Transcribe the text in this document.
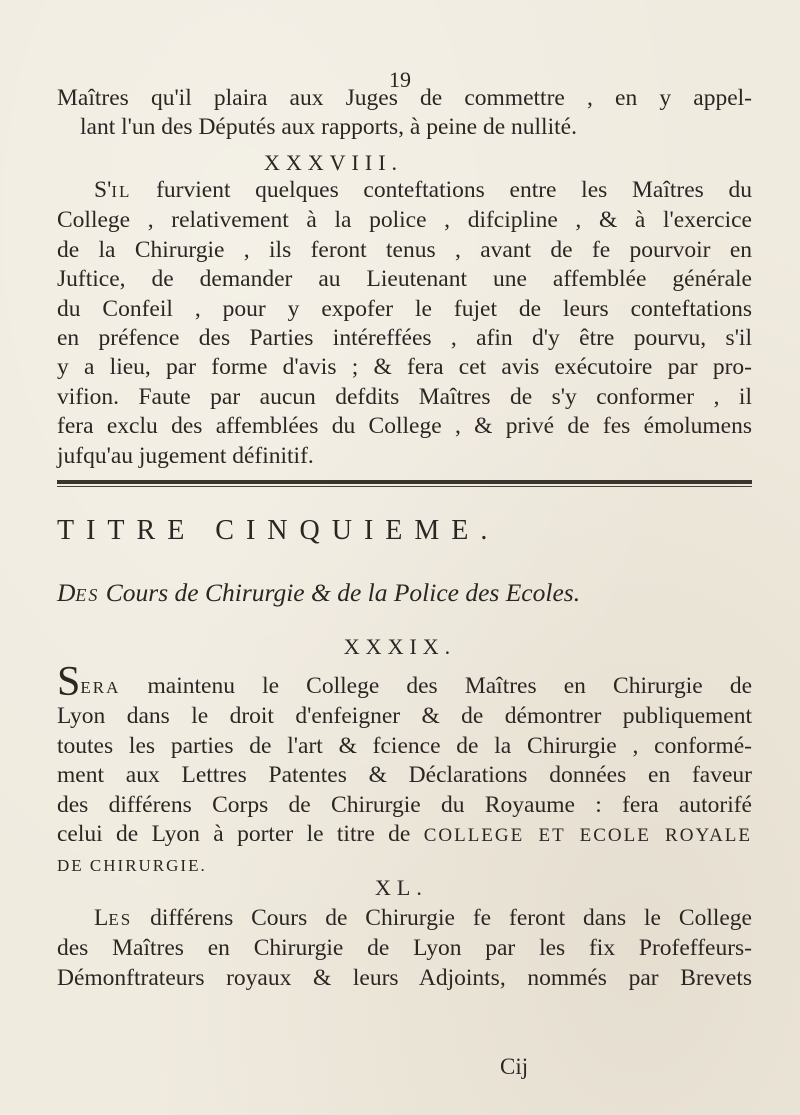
19
Maîtres qu'il plaira aux Juges de commettre , en y appel-
lant l'un des Députés aux rapports, à peine de nullité.
XXXVIII.
S'IL furvient quelques conteftations entre les Maîtres du
College , relativement à la police , difcipline , & à l'exercice
de la Chirurgie , ils feront tenus , avant de fe pourvoir en
Juftice, de demander au Lieutenant une affemblée générale
du Confeil , pour y expofer le fujet de leurs conteftations
en préfence des Parties intéreffées , afin d'y être pourvu, s'il
y a lieu, par forme d'avis ; & fera cet avis exécutoire par pro-
vifion. Faute par aucun defdits Maîtres de s'y conformer , il
fera exclu des affemblées du College , & privé de fes émolumens
jufqu'au jugement définitif.
TITRE CINQUIEME.
DES Cours de Chirurgie & de la Police des Ecoles.
XXXIX.
SERA maintenu le College des Maîtres en Chirurgie de
Lyon dans le droit d'enfeigner & de démontrer publiquement
toutes les parties de l'art & fcience de la Chirurgie , conformé-
ment aux Lettres Patentes & Déclarations données en faveur
des différens Corps de Chirurgie du Royaume : fera autorifé
celui de Lyon à porter le titre de COLLEGE ET ECOLE ROYALE
DE CHIRURGIE.
XL.
LES différens Cours de Chirurgie fe feront dans le College
des Maîtres en Chirurgie de Lyon par les fix Profeffeurs-
Démonftrateurs royaux & leurs Adjoints, nommés par Brevets
Cij
